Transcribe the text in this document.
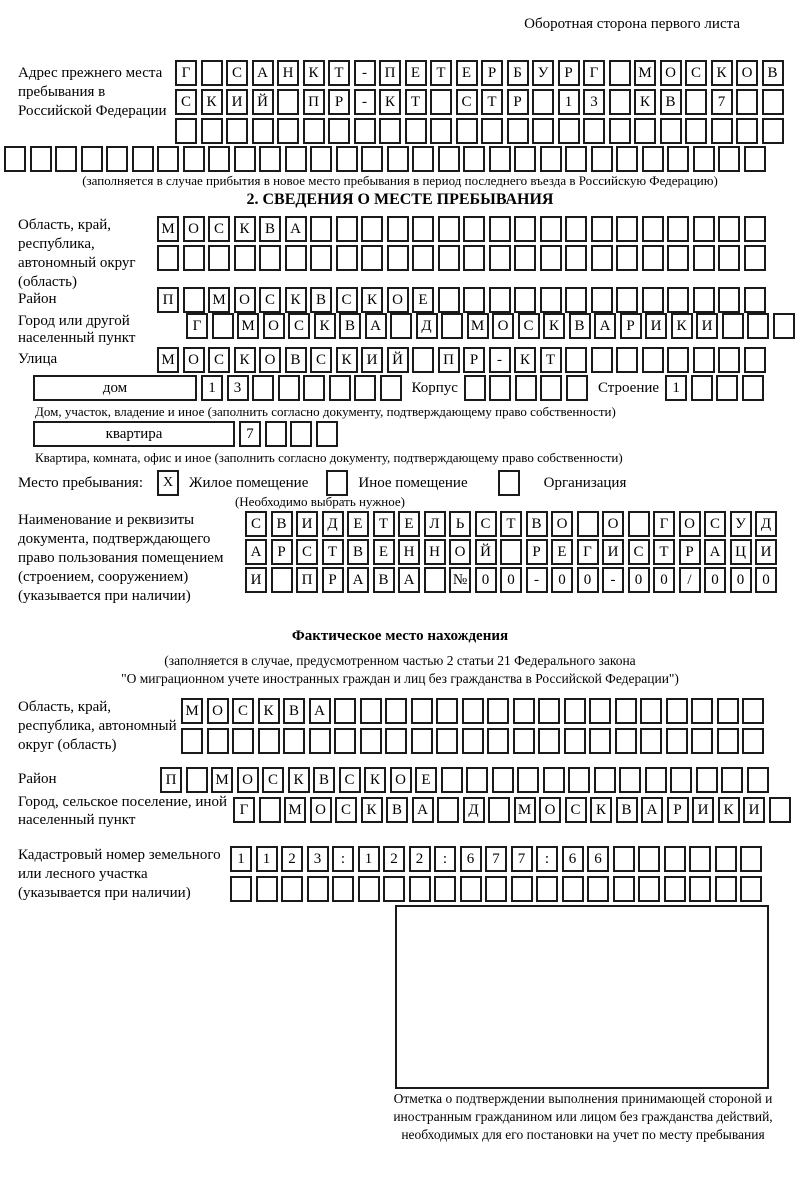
Оборотная сторона первого листа
Адрес прежнего места пребывания в Российской Федерации
Г	С	А Н	К	Т	-	П	Е	Т	Е	Р	Б	У	Р	Г	М О	С	К	О	В
С	К	И Й	П	Р	-	К	Т	С	Т	Р	1	3	К	В	7
(заполняется в случае прибытия в новое место пребывания в период последнего въезда в Российскую Федерацию)
2. СВЕДЕНИЯ О МЕСТЕ ПРЕБЫВАНИЯ
Область, край, республика, автономный округ (область)
М О	С	К	В	А
Район	П	М О	С	К	В	С	К	О	Е
Город или другой населенный пункт
Г	М О	С	К	В	А	Д	М О	С	К	В	А	Р	И	К	И
Улица	М О	С	К	О	В	С	К	И Й	П	Р	-	К	Т
дом	1	3	Корпус	Строение 1
Дом, участок, владение и иное (заполнить согласно документу, подтверждающему право собственности)
квартира	7
Квартира, комната, офис и иное (заполнить согласно документу, подтверждающему право собственности)
Место пребывания:	X	Жилое помещение	Иное помещение	Организация
(Необходимо выбрать нужное)
Наименование и реквизиты документа, подтверждающего право пользования помещением (строением, сооружением) (указывается при наличии)
С	В	И Д	Е	Т	Е	Л	Ь	С	Т	В	О	О	Г	О	С	У	Д
А	Р	С	Т	В	Е	Н Н О Й	Р	Е	Г	И	С	Т	Р	А Ц И
И	П	Р	А	В	А	№ 0	0	-	0	0	-	0	0	/	0	0	0
Фактическое место нахождения
(заполняется в случае, предусмотренном частью 2 статьи 21 Федерального закона
"О миграционном учете иностранных граждан и лиц без гражданства в Российской Федерации")
Область, край, республика, автономный округ (область)
М О	С	К	В	А
Район	П	М О	С	К	В	С	К	О	Е
Город, сельское поселение, иной населенный пункт
Г	М О	С	К	В	А	Д	М О	С	К	В	А	Р	И	К	И
Кадастровый номер земельного или лесного участка (указывается при наличии)
1	1	2	3	:	1	2	2	:	6	7	7	:	6	6
Отметка о подтверждении выполнения принимающей стороной и иностранным гражданином или лицом без гражданства действий, необходимых для его постановки на учет по месту пребывания
